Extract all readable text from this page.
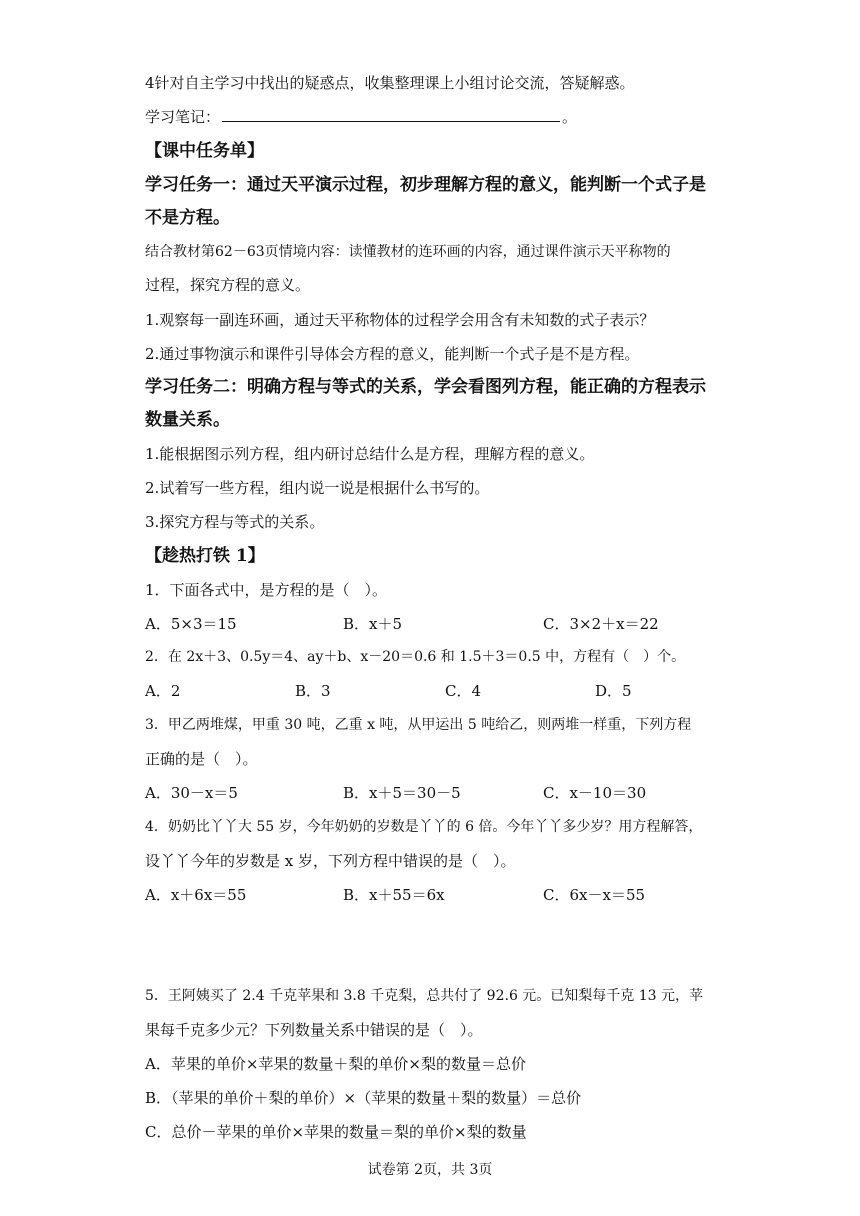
4针对自主学习中找出的疑惑点，收集整理课上小组讨论交流，答疑解惑。
学习笔记：	。
【课中任务单】
学习任务一：通过天平演示过程，初步理解方程的意义，能判断一个式子是
不是方程。
结合教材第62－63页情境内容：读懂教材的连环画的内容，通过课件演示天平称物的
过程，探究方程的意义。
1.观察每一副连环画，通过天平称物体的过程学会用含有未知数的式子表示？
2.通过事物演示和课件引导体会方程的意义，能判断一个式子是不是方程。
学习任务二：明确方程与等式的关系，学会看图列方程，能正确的方程表示
数量关系。
1.能根据图示列方程，组内研讨总结什么是方程，理解方程的意义。
2.试着写一些方程，组内说一说是根据什么书写的。
3.探究方程与等式的关系。
【趁热打铁 1】
1．下面各式中，是方程的是（　）。
A．5×3＝15	B．x＋5	C．3×2＋x＝22
2．在 2x＋3、0.5y＝4、ay＋b、x－20＝0.6 和 1.5＋3＝0.5 中，方程有（　）个。
A．2	B．3	C．4	D．5
3．甲乙两堆煤，甲重 30 吨，乙重 x 吨，从甲运出 5 吨给乙，则两堆一样重，下列方程
正确的是（　）。
A．30－x＝5	B．x＋5＝30－5	C．x－10＝30
4．奶奶比丫丫大 55 岁，今年奶奶的岁数是丫丫的 6 倍。今年丫丫多少岁？用方程解答，
设丫丫今年的岁数是 x 岁，下列方程中错误的是（　）。
A．x＋6x＝55	B．x＋55＝6x	C．6x－x＝55
5．王阿姨买了 2.4 千克苹果和 3.8 千克梨，总共付了 92.6 元。已知梨每千克 13 元，苹
果每千克多少元？下列数量关系中错误的是（　）。
A．苹果的单价×苹果的数量＋梨的单价×梨的数量＝总价
B．（苹果的单价＋梨的单价）×（苹果的数量＋梨的数量）＝总价
C．总价－苹果的单价×苹果的数量＝梨的单价×梨的数量
试卷第 2页，共 3页
